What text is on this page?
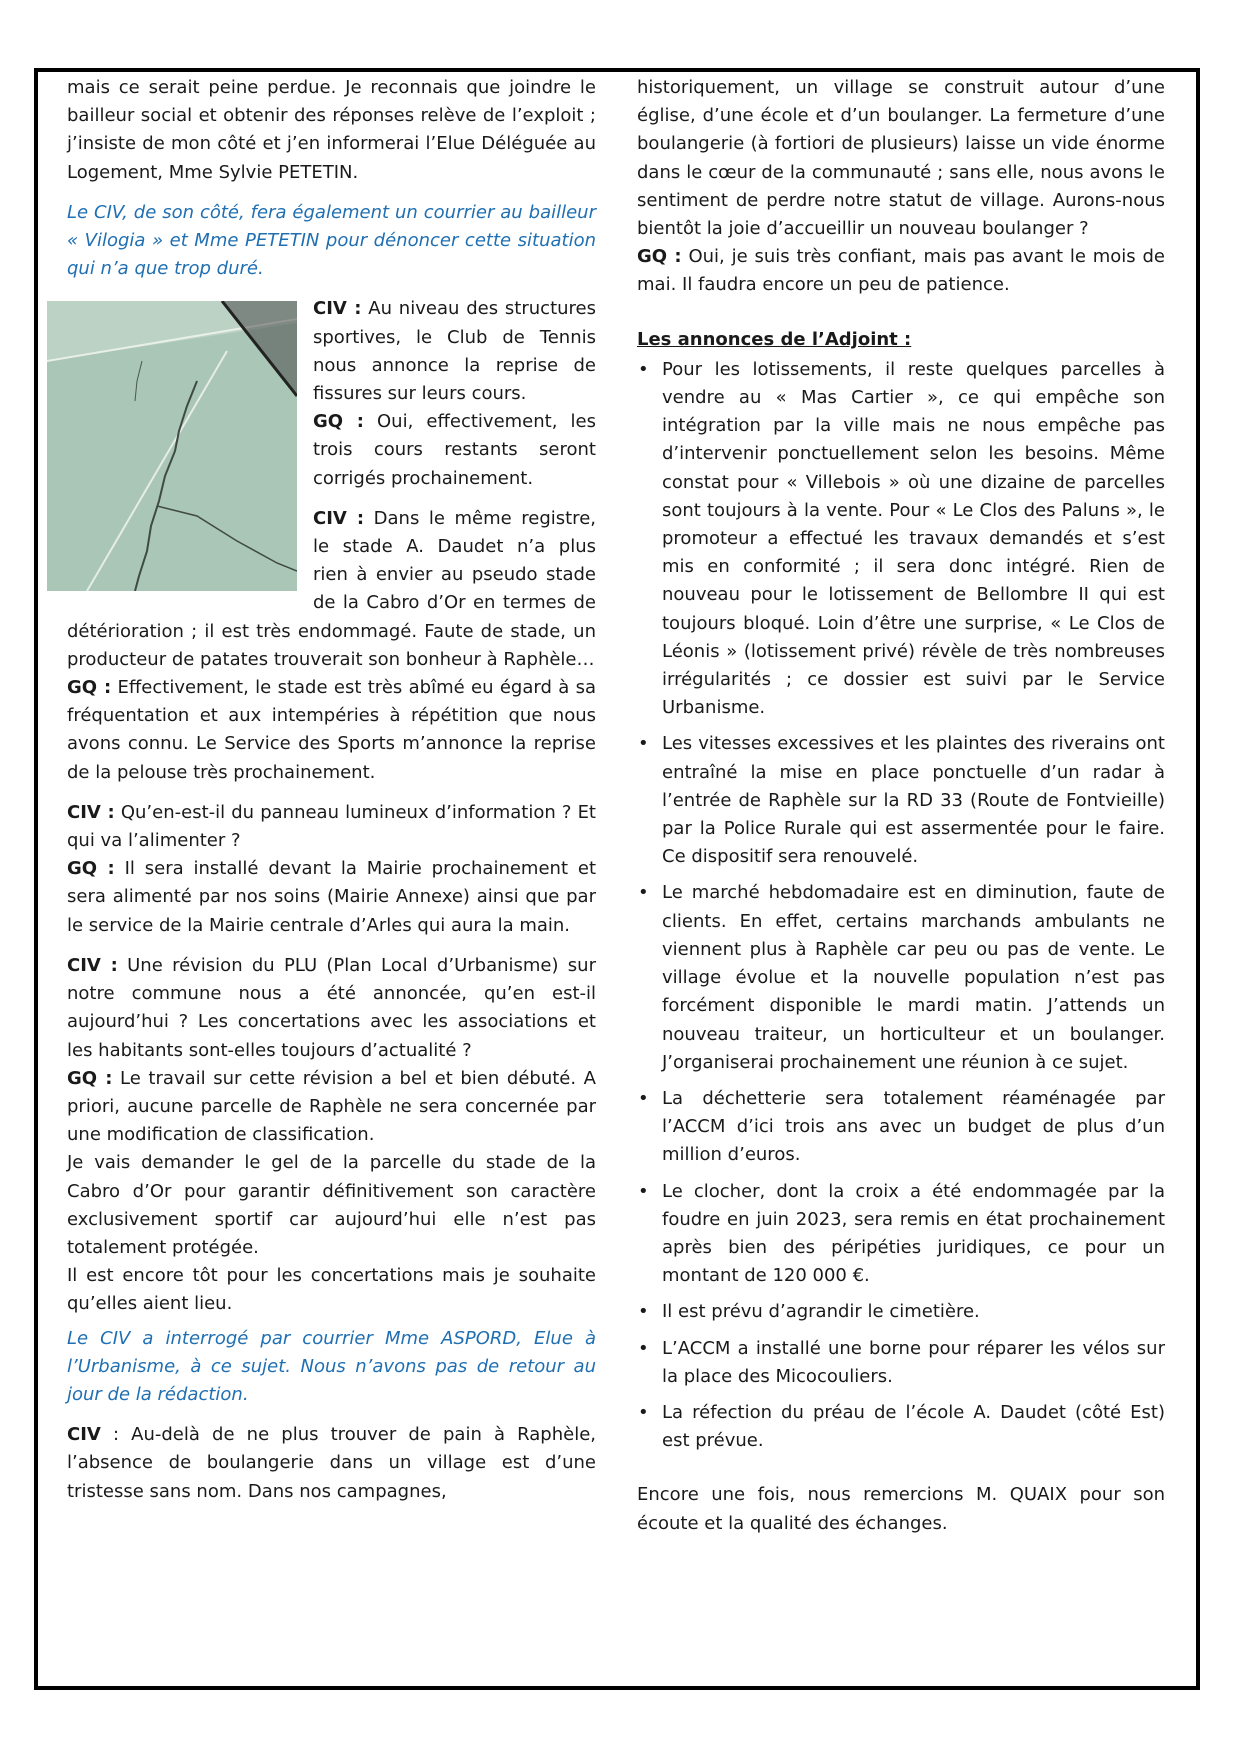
mais ce serait peine perdue. Je reconnais que joindre le bailleur social et obtenir des réponses relève de l’exploit ; j’insiste de mon côté et j’en informerai l’Elue Déléguée au Logement, Mme Sylvie PETETIN.

Le CIV, de son côté, fera également un courrier au bailleur « Vilogia » et Mme PETETIN pour dénoncer cette situation qui n’a que trop duré.

CIV : Au niveau des structures sportives, le Club de Tennis nous annonce la reprise de fissures sur leurs cours.
GQ : Oui, effectivement, les trois cours restants seront corrigés prochainement.

CIV : Dans le même registre, le stade A. Daudet n’a plus rien à envier au pseudo stade de la Cabro d’Or en termes de détérioration ; il est très endommagé. Faute de stade, un producteur de patates trouverait son bonheur à Raphèle…
GQ : Effectivement, le stade est très abîmé eu égard à sa fréquentation et aux intempéries à répétition que nous avons connu. Le Service des Sports m’annonce la reprise de la pelouse très prochainement.

CIV : Qu’en-est-il du panneau lumineux d’information ? Et qui va l’alimenter ?
GQ : Il sera installé devant la Mairie prochainement et sera alimenté par nos soins (Mairie Annexe) ainsi que par le service de la Mairie centrale d’Arles qui aura la main.

CIV : Une révision du PLU (Plan Local d’Urbanisme) sur notre commune nous a été annoncée, qu’en est-il aujourd’hui ? Les concertations avec les associations et les habitants sont-elles toujours d’actualité ?
GQ : Le travail sur cette révision a bel et bien débuté. A priori, aucune parcelle de Raphèle ne sera concernée par une modification de classification.
Je vais demander le gel de la parcelle du stade de la Cabro d’Or pour garantir définitivement son caractère exclusivement sportif car aujourd’hui elle n’est pas totalement protégée.
Il est encore tôt pour les concertations mais je souhaite qu’elles aient lieu.

Le CIV a interrogé par courrier Mme ASPORD, Elue à l’Urbanisme, à ce sujet. Nous n’avons pas de retour au jour de la rédaction.

CIV : Au-delà de ne plus trouver de pain à Raphèle, l’absence de boulangerie dans un village est d’une tristesse sans nom. Dans nos campagnes,

historiquement, un village se construit autour d’une église, d’une école et d’un boulanger. La fermeture d’une boulangerie (à fortiori de plusieurs) laisse un vide énorme dans le cœur de la communauté ; sans elle, nous avons le sentiment de perdre notre statut de village. Aurons-nous bientôt la joie d’accueillir un nouveau boulanger ?
GQ : Oui, je suis très confiant, mais pas avant le mois de mai. Il faudra encore un peu de patience.

Les annonces de l’Adjoint :

• Pour les lotissements, il reste quelques parcelles à vendre au « Mas Cartier », ce qui empêche son intégration par la ville mais ne nous empêche pas d’intervenir ponctuellement selon les besoins. Même constat pour « Villebois » où une dizaine de parcelles sont toujours à la vente. Pour « Le Clos des Paluns », le promoteur a effectué les travaux demandés et s’est mis en conformité ; il sera donc intégré. Rien de nouveau pour le lotissement de Bellombre II qui est toujours bloqué. Loin d’être une surprise, « Le Clos de Léonis » (lotissement privé) révèle de très nombreuses irrégularités ; ce dossier est suivi par le Service Urbanisme.
• Les vitesses excessives et les plaintes des riverains ont entraîné la mise en place ponctuelle d’un radar à l’entrée de Raphèle sur la RD 33 (Route de Fontvieille) par la Police Rurale qui est assermentée pour le faire. Ce dispositif sera renouvelé.
• Le marché hebdomadaire est en diminution, faute de clients. En effet, certains marchands ambulants ne viennent plus à Raphèle car peu ou pas de vente. Le village évolue et la nouvelle population n’est pas forcément disponible le mardi matin. J’attends un nouveau traiteur, un horticulteur et un boulanger. J’organiserai prochainement une réunion à ce sujet.
• La déchetterie sera totalement réaménagée par l’ACCM d’ici trois ans avec un budget de plus d’un million d’euros.
• Le clocher, dont la croix a été endommagée par la foudre en juin 2023, sera remis en état prochainement après bien des péripéties juridiques, ce pour un montant de 120 000 €.
• Il est prévu d’agrandir le cimetière.
• L’ACCM a installé une borne pour réparer les vélos sur la place des Micocouliers.
• La réfection du préau de l’école A. Daudet (côté Est) est prévue.

Encore une fois, nous remercions M. QUAIX pour son écoute et la qualité des échanges.
